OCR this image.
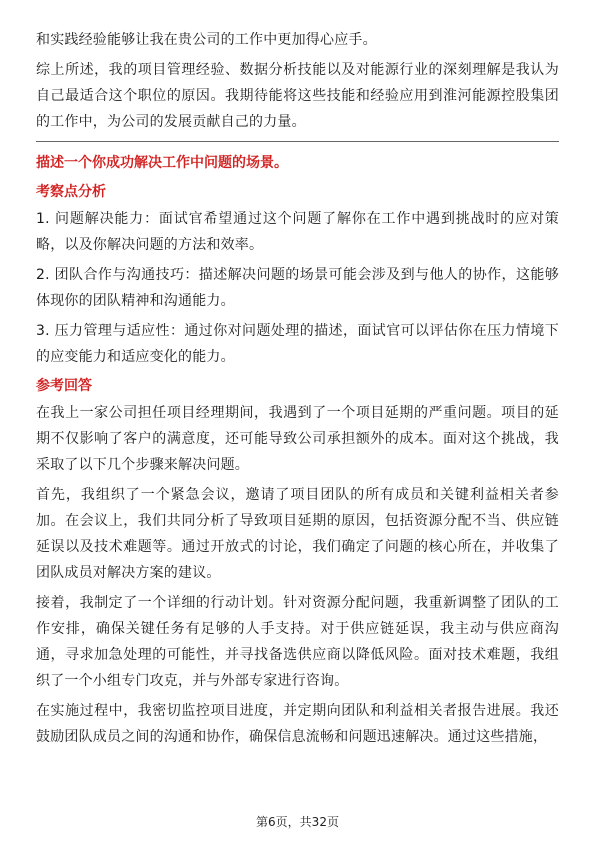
和实践经验能够让我在贵公司的工作中更加得心应手。

综上所述，我的项目管理经验、数据分析技能以及对能源行业的深刻理解是我认为自己最适合这个职位的原因。我期待能将这些技能和经验应用到淮河能源控股集团的工作中，为公司的发展贡献自己的力量。

描述一个你成功解决工作中问题的场景。

考察点分析

1. 问题解决能力：面试官希望通过这个问题了解你在工作中遇到挑战时的应对策略，以及你解决问题的方法和效率。

2. 团队合作与沟通技巧：描述解决问题的场景可能会涉及到与他人的协作，这能够体现你的团队精神和沟通能力。

3. 压力管理与适应性：通过你对问题处理的描述，面试官可以评估你在压力情境下的应变能力和适应变化的能力。

参考回答

在我上一家公司担任项目经理期间，我遇到了一个项目延期的严重问题。项目的延期不仅影响了客户的满意度，还可能导致公司承担额外的成本。面对这个挑战，我采取了以下几个步骤来解决问题。

首先，我组织了一个紧急会议，邀请了项目团队的所有成员和关键利益相关者参加。在会议上，我们共同分析了导致项目延期的原因，包括资源分配不当、供应链延误以及技术难题等。通过开放式的讨论，我们确定了问题的核心所在，并收集了团队成员对解决方案的建议。

接着，我制定了一个详细的行动计划。针对资源分配问题，我重新调整了团队的工作安排，确保关键任务有足够的人手支持。对于供应链延误，我主动与供应商沟通，寻求加急处理的可能性，并寻找备选供应商以降低风险。面对技术难题，我组织了一个小组专门攻克，并与外部专家进行咨询。

在实施过程中，我密切监控项目进度，并定期向团队和利益相关者报告进展。我还鼓励团队成员之间的沟通和协作，确保信息流畅和问题迅速解决。通过这些措施，

第6页，共32页
